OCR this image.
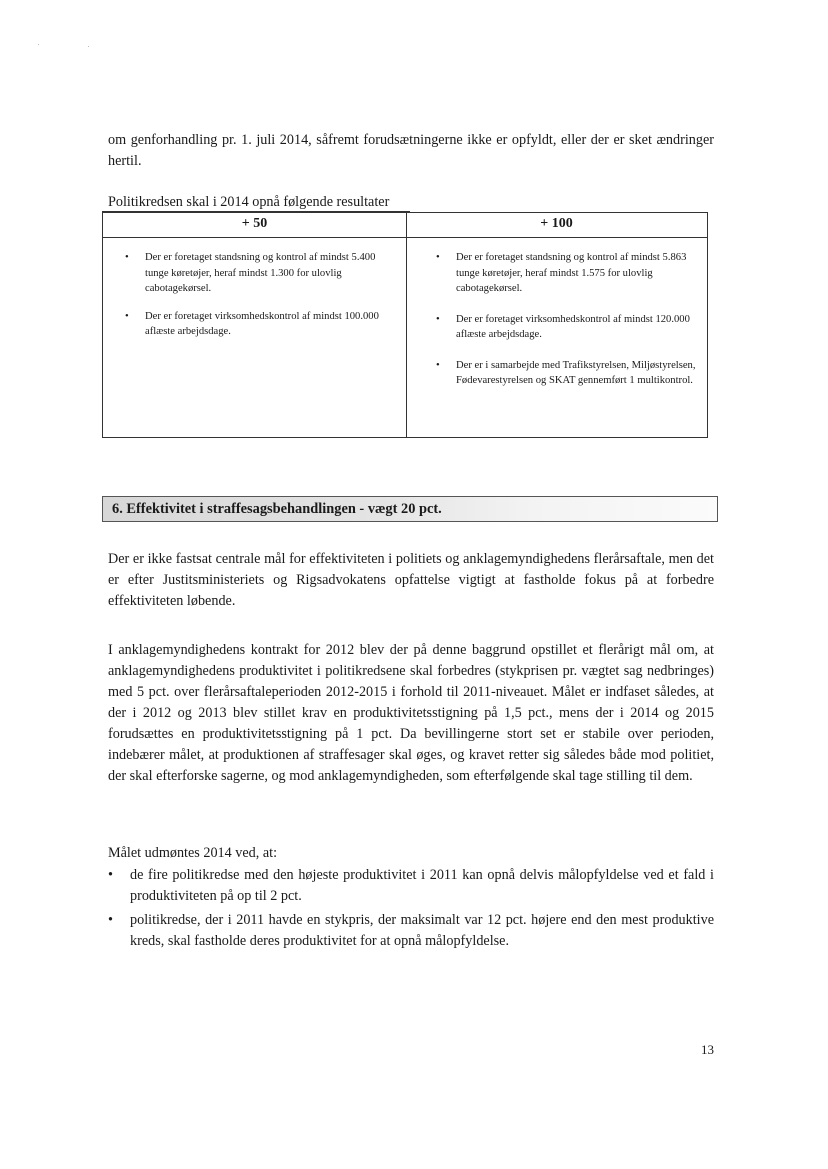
om genforhandling pr. 1. juli 2014, såfremt forudsætningerne ikke er opfyldt, eller der er sket ændringer hertil.

Politikredsen skal i 2014 opnå følgende resultater

+ 50
• Der er foretaget standsning og kontrol af mindst 5.400 tunge køretøjer, heraf mindst 1.300 for ulovlig cabotagekørsel.
• Der er foretaget virksomhedskontrol af mindst 100.000 aflæste arbejdsdage.
+ 100
• Der er foretaget standsning og kontrol af mindst 5.863 tunge køretøjer, heraf mindst 1.575 for ulovlig cabotagekørsel.
• Der er foretaget virksomhedskontrol af mindst 120.000 aflæste arbejdsdage.
• Der er i samarbejde med Trafikstyrelsen, Miljøstyrelsen, Fødevarestyrelsen og SKAT gennemført 1 multikontrol.
6. Effektivitet i straffesagsbehandlingen - vægt 20 pct.

Der er ikke fastsat centrale mål for effektiviteten i politiets og anklagemyndighedens flerårsaftale, men det er efter Justitsministeriets og Rigsadvokatens opfattelse vigtigt at fastholde fokus på at forbedre effektiviteten løbende.

I anklagemyndighedens kontrakt for 2012 blev der på denne baggrund opstillet et flerårigt mål om, at anklagemyndighedens produktivitet i politikredsene skal forbedres (stykprisen pr. vægtet sag nedbringes) med 5 pct. over flerårsaftaleperioden 2012-2015 i forhold til 2011-niveauet. Målet er indfaset således, at der i 2012 og 2013 blev stillet krav en produktivitetsstigning på 1,5 pct., mens der i 2014 og 2015 forudsættes en produktivitetsstigning på 1 pct. Da bevillingerne stort set er stabile over perioden, indebærer målet, at produktionen af straffesager skal øges, og kravet retter sig således både mod politiet, der skal efterforske sagerne, og mod anklagemyndigheden, som efterfølgende skal tage stilling til dem.

Målet udmøntes 2014 ved, at:

• de fire politikredse med den højeste produktivitet i 2011 kan opnå delvis målopfyldelse ved et fald i produktiviteten på op til 2 pct.
• politikredse, der i 2011 havde en stykpris, der maksimalt var 12 pct. højere end den mest produktive kreds, skal fastholde deres produktivitet for at opnå målopfyldelse.
13
